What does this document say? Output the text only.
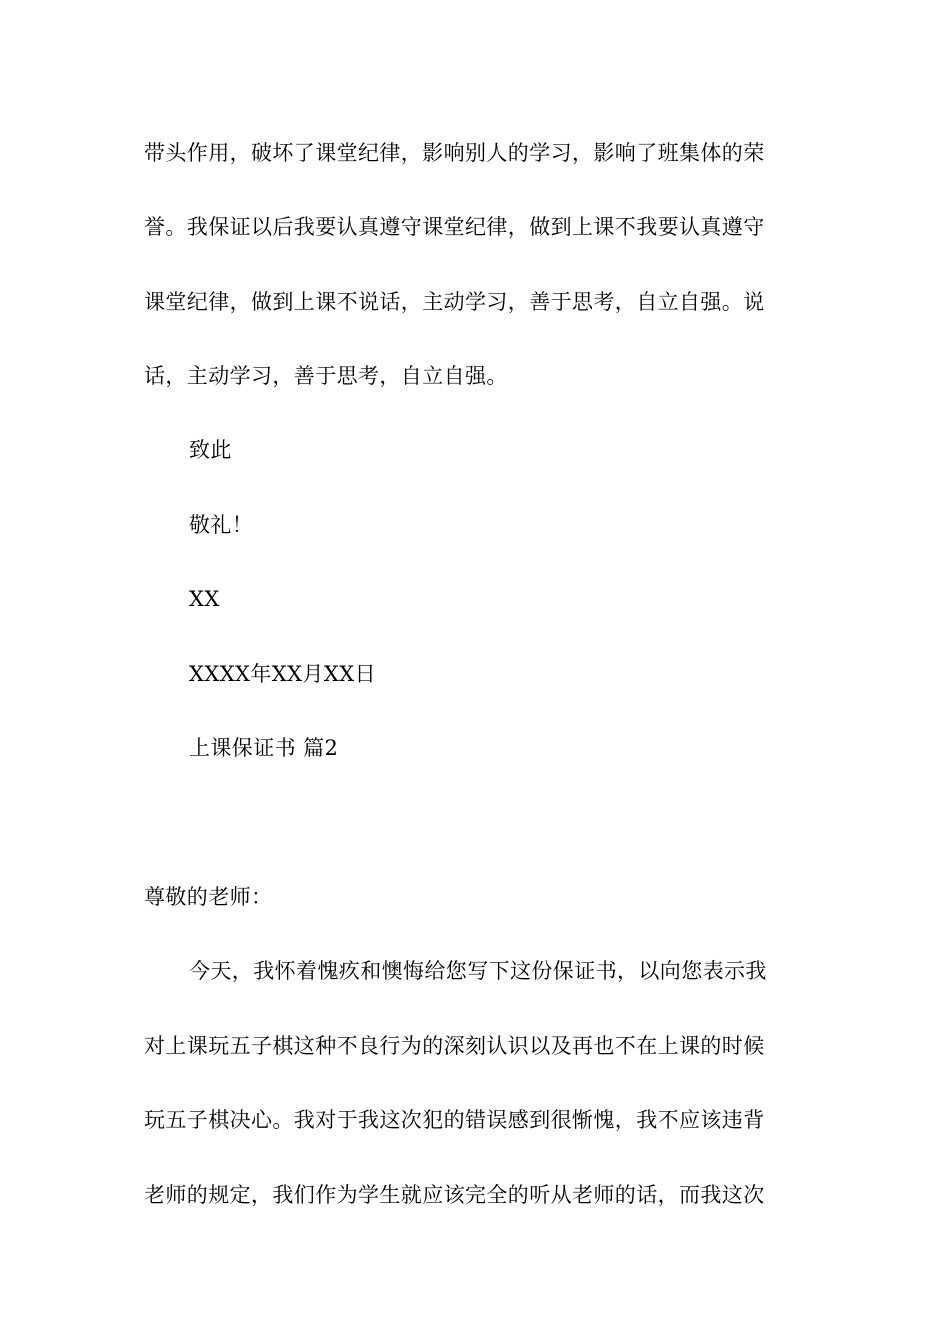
带头作用，破坏了课堂纪律，影响别人的学习，影响了班集体的荣
誉。我保证以后我要认真遵守课堂纪律，做到上课不我要认真遵守
课堂纪律，做到上课不说话，主动学习，善于思考，自立自强。说
话，主动学习，善于思考，自立自强。
致此
敬礼！
XX
XXXX年XX月XX日
上课保证书 篇2
尊敬的老师：
今天，我怀着愧疚和懊悔给您写下这份保证书，以向您表示我
对上课玩五子棋这种不良行为的深刻认识以及再也不在上课的时候
玩五子棋决心。我对于我这次犯的错误感到很惭愧，我不应该违背
老师的规定，我们作为学生就应该完全的听从老师的话，而我这次
